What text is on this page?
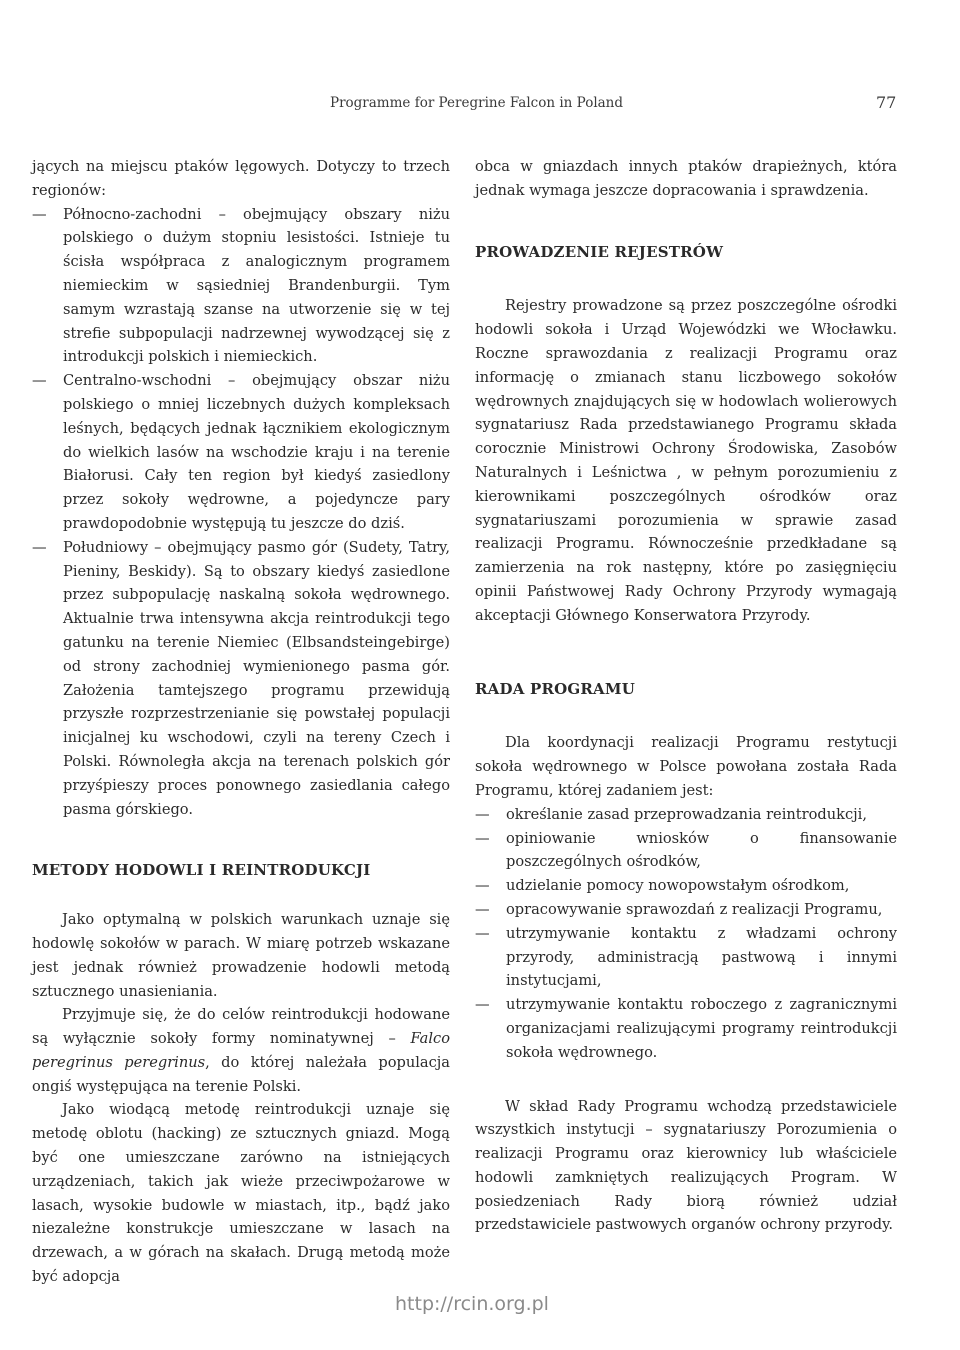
Programme for Peregrine Falcon in Poland	77

jących na miejscu ptaków lęgowych. Dotyczy to trzech regionów:

—	Północno-zachodni – obejmujący obszary niżu polskiego o dużym stopniu lesistości. Istnieje tu ścisła współpraca z analogicznym programem niemieckim w sąsiedniej Brandenburgii. Tym samym wzrastają szanse na utworzenie się w tej strefie subpopulacji nadrzewnej wywodzącej się z introdukcji polskich i niemieckich.
—	Centralno-wschodni – obejmujący obszar niżu polskiego o mniej liczebnych dużych kompleksach leśnych, będących jednak łącznikiem ekologicznym do wielkich lasów na wschodzie kraju i na terenie Białorusi. Cały ten region był kiedyś zasiedlony przez sokoły wędrowne, a pojedyncze pary prawdopodobnie występują tu jeszcze do dziś.
—	Południowy – obejmujący pasmo gór (Sudety, Tatry, Pieniny, Beskidy). Są to obszary kiedyś zasiedlone przez subpopulację naskalną sokoła wędrownego. Aktualnie trwa intensywna akcja reintrodukcji tego gatunku na terenie Niemiec (Elbsandsteingebirge) od strony zachodniej wymienionego pasma gór. Założenia tamtejszego programu przewidują przyszłe rozprzestrzenianie się powstałej populacji inicjalnej ku wschodowi, czyli na tereny Czech i Polski. Równoległa akcja na terenach polskich gór przyśpieszy proces ponownego zasiedlania całego pasma górskiego.
METODY HODOWLI I REINTRODUKCJI

Jako optymalną w polskich warunkach uznaje się hodowlę sokołów w parach. W miarę potrzeb wskazane jest jednak również prowadzenie hodowli metodą sztucznego unasieniania.

Przyjmuje się, że do celów reintrodukcji hodowane są wyłącznie sokoły formy nominatywnej – Falco peregrinus peregrinus, do której należała populacja ongiś występująca na terenie Polski.

Jako wiodącą metodę reintrodukcji uznaje się metodę oblotu (hacking) ze sztucznych gniazd. Mogą być one umieszczane zarówno na istniejących urządzeniach, takich jak wieże przeciwpożarowe w lasach, wysokie budowle w miastach, itp., bądź jako niezależne konstrukcje umieszczane w lasach na drzewach, a w górach na skałach. Drugą metodą może być adopcja

obca w gniazdach innych ptaków drapieżnych, która jednak wymaga jeszcze dopracowania i sprawdzenia.

PROWADZENIE REJESTRÓW

Rejestry prowadzone są przez poszczególne ośrodki hodowli sokoła i Urząd Wojewódzki we Włocławku. Roczne sprawozdania z realizacji Programu oraz informację o zmianach stanu liczbowego sokołów wędrownych znajdujących się w hodowlach wolierowych sygnatariusz Rada przedstawianego Programu składa corocznie Ministrowi Ochrony Środowiska, Zasobów Naturalnych i Leśnictwa , w pełnym porozumieniu z kierownikami poszczególnych ośrodków oraz sygnatariuszami porozumienia w sprawie zasad realizacji Programu. Równocześnie przedkładane są zamierzenia na rok następny, które po zasięgnięciu opinii Państwowej Rady Ochrony Przyrody wymagają akceptacji Głównego Konserwatora Przyrody.

RADA PROGRAMU

Dla koordynacji realizacji Programu restytucji sokoła wędrownego w Polsce powołana została Rada Programu, której zadaniem jest:

—	określanie zasad przeprowadzania reintrodukcji,
—	opiniowanie wniosków o finansowanie poszczególnych ośrodków,
—	udzielanie pomocy nowopowstałym ośrodkom,
—	opracowywanie sprawozdań z realizacji Programu,
—	utrzymywanie kontaktu z władzami ochrony przyrody, administracją pastwową i innymi instytucjami,
—	utrzymywanie kontaktu roboczego z zagranicznymi organizacjami realizującymi programy reintrodukcji sokoła wędrownego.

W skład Rady Programu wchodzą przedstawiciele wszystkich instytucji – sygnatariuszy Porozumienia o realizacji Programu oraz kierownicy lub właściciele hodowli zamkniętych realizujących Program. W posiedzeniach Rady biorą również udział przedstawiciele pastwowych organów ochrony przyrody.

http://rcin.org.pl
